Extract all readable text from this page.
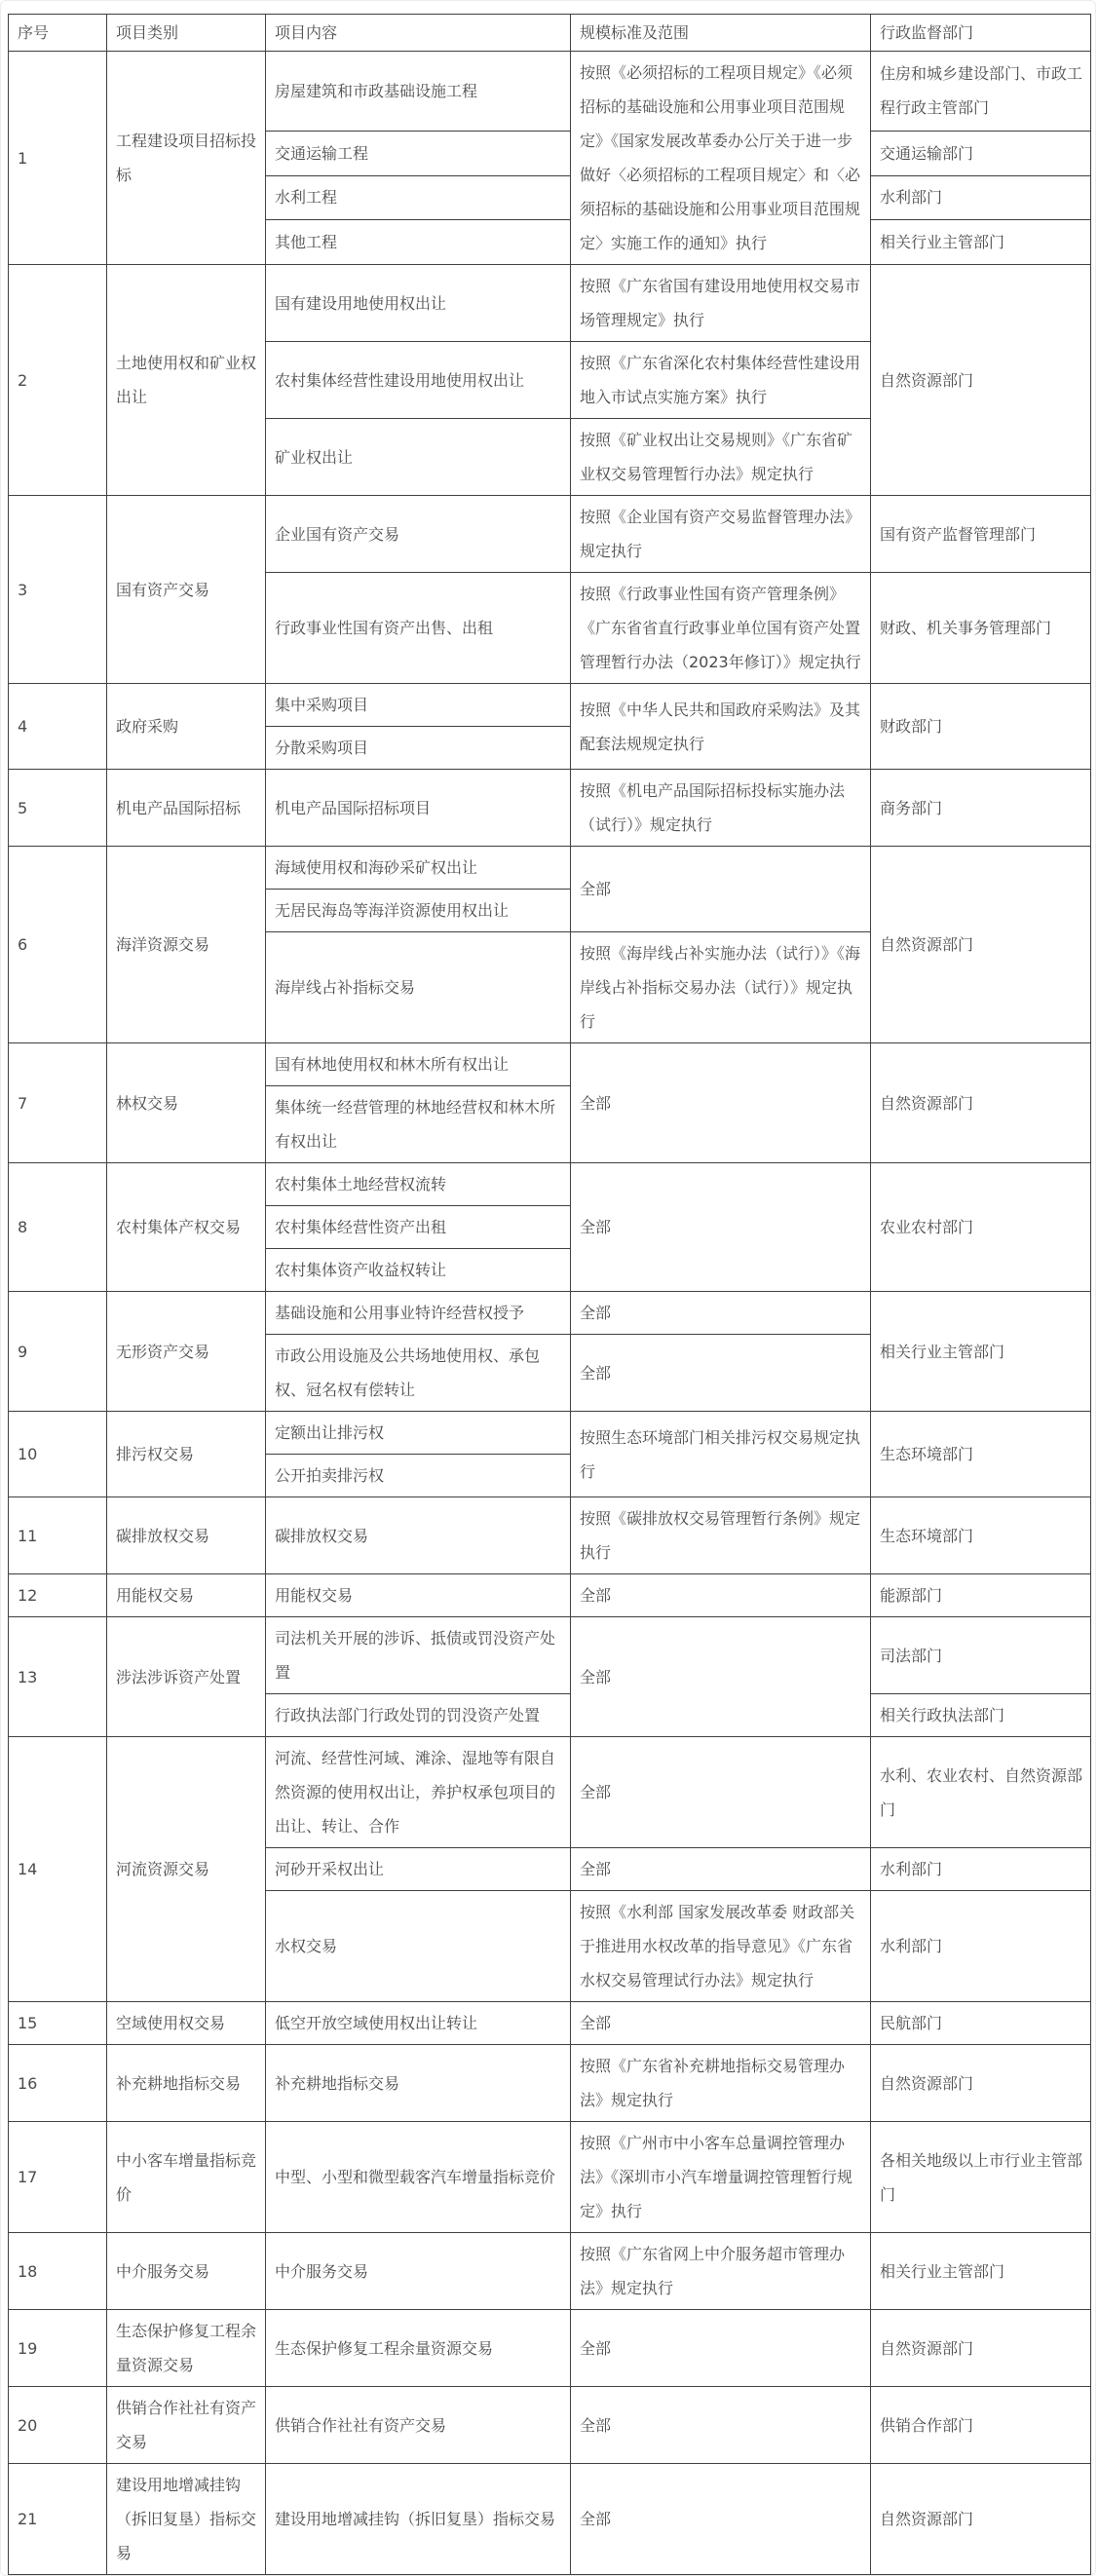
序号	项目类别	项目内容	规模标准及范围	行政监督部门
1	工程建设项目招标投标	房屋建筑和市政基础设施工程	按照《必须招标的工程项目规定》《必须招标的基础设施和公用事业项目范围规定》《国家发展改革委办公厅关于进一步做好〈必须招标的工程项目规定〉和〈必须招标的基础设施和公用事业项目范围规定〉实施工作的通知》执行	住房和城乡建设部门、市政工程行政主管部门
		交通运输工程		交通运输部门
		水利工程		水利部门
		其他工程		相关行业主管部门
2	土地使用权和矿业权出让	国有建设用地使用权出让	按照《广东省国有建设用地使用权交易市场管理规定》执行	自然资源部门
		农村集体经营性建设用地使用权出让	按照《广东省深化农村集体经营性建设用地入市试点实施方案》执行	
		矿业权出让	按照《矿业权出让交易规则》《广东省矿业权交易管理暂行办法》规定执行	
3	国有资产交易	企业国有资产交易	按照《企业国有资产交易监督管理办法》规定执行	国有资产监督管理部门
		行政事业性国有资产出售、出租	按照《行政事业性国有资产管理条例》《广东省省直行政事业单位国有资产处置管理暂行办法（2023年修订）》规定执行	财政、机关事务管理部门
4	政府采购	集中采购项目	按照《中华人民共和国政府采购法》及其配套法规规定执行	财政部门
		分散采购项目		
5	机电产品国际招标	机电产品国际招标项目	按照《机电产品国际招标投标实施办法（试行）》规定执行	商务部门
6	海洋资源交易	海域使用权和海砂采矿权出让	全部	自然资源部门
		无居民海岛等海洋资源使用权出让		
		海岸线占补指标交易	按照《海岸线占补实施办法（试行）》《海岸线占补指标交易办法（试行）》规定执行	
7	林权交易	国有林地使用权和林木所有权出让	全部	自然资源部门
		集体统一经营管理的林地经营权和林木所有权出让		
8	农村集体产权交易	农村集体土地经营权流转	全部	农业农村部门
		农村集体经营性资产出租		
		农村集体资产收益权转让		
9	无形资产交易	基础设施和公用事业特许经营权授予	全部	相关行业主管部门
		市政公用设施及公共场地使用权、承包权、冠名权有偿转让	全部	
10	排污权交易	定额出让排污权	按照生态环境部门相关排污权交易规定执行	生态环境部门
		公开拍卖排污权		
11	碳排放权交易	碳排放权交易	按照《碳排放权交易管理暂行条例》规定执行	生态环境部门
12	用能权交易	用能权交易	全部	能源部门
13	涉法涉诉资产处置	司法机关开展的涉诉、抵债或罚没资产处置	全部	司法部门
		行政执法部门行政处罚的罚没资产处置		相关行政执法部门
14	河流资源交易	河流、经营性河域、滩涂、湿地等有限自然资源的使用权出让，养护权承包项目的出让、转让、合作	全部	水利、农业农村、自然资源部门
		河砂开采权出让	全部	水利部门
		水权交易	按照《水利部 国家发展改革委 财政部关于推进用水权改革的指导意见》《广东省水权交易管理试行办法》规定执行	水利部门
15	空域使用权交易	低空开放空域使用权出让转让	全部	民航部门
16	补充耕地指标交易	补充耕地指标交易	按照《广东省补充耕地指标交易管理办法》规定执行	自然资源部门
17	中小客车增量指标竞价	中型、小型和微型载客汽车增量指标竞价	按照《广州市中小客车总量调控管理办法》《深圳市小汽车增量调控管理暂行规定》执行	各相关地级以上市行业主管部门
18	中介服务交易	中介服务交易	按照《广东省网上中介服务超市管理办法》规定执行	相关行业主管部门
19	生态保护修复工程余量资源交易	生态保护修复工程余量资源交易	全部	自然资源部门
20	供销合作社社有资产交易	供销合作社社有资产交易	全部	供销合作部门
21	建设用地增减挂钩（拆旧复垦）指标交易	建设用地增减挂钩（拆旧复垦）指标交易	全部	自然资源部门
